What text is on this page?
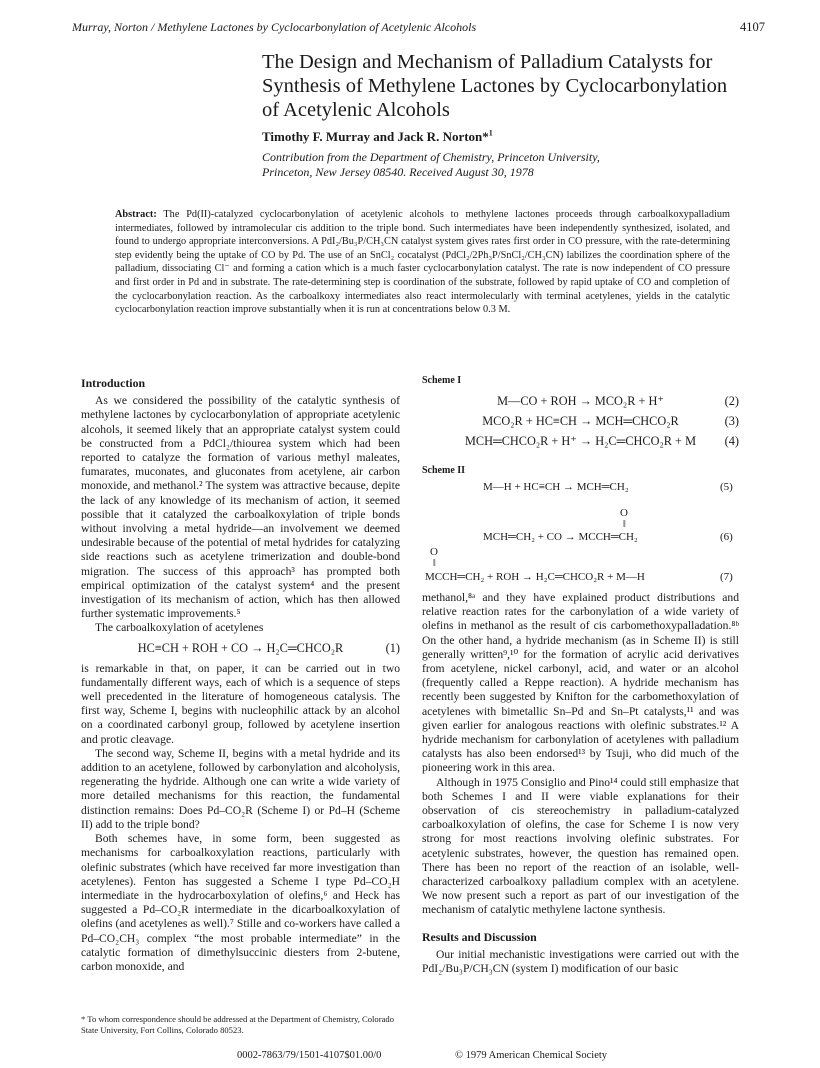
Murray, Norton / Methylene Lactones by Cyclocarbonylation of Acetylenic Alcohols	4107
The Design and Mechanism of Palladium Catalysts for Synthesis of Methylene Lactones by Cyclocarbonylation of Acetylenic Alcohols
Timothy F. Murray and Jack R. Norton*$^1$
Contribution from the Department of Chemistry, Princeton University,
Princeton, New Jersey 08540. Received August 30, 1978
Abstract: The Pd(II)-catalyzed cyclocarbonylation of acetylenic alcohols to methylene lactones proceeds through carboalkoxypalladium intermediates, followed by intramolecular cis addition to the triple bond. Such intermediates have been independently synthesized, isolated, and found to undergo appropriate interconversions. A PdI₂/Bu₃P/CH₃CN catalyst system gives rates first order in CO pressure, with the rate-determining step evidently being the uptake of CO by Pd. The use of an SnCl₂ cocatalyst (PdCl₂/2Ph₃P/SnCl₂/CH₃CN) labilizes the coordination sphere of the palladium, dissociating Cl⁻ and forming a cation which is a much faster cyclocarbonylation catalyst. The rate is now independent of CO pressure and first order in Pd and in substrate. The rate-determining step is coordination of the substrate, followed by rapid uptake of CO and completion of the cyclocarbonylation reaction. As the carboalkoxy intermediates also react intermolecularly with terminal acetylenes, yields in the catalytic cyclocarbonylation reaction improve substantially when it is run at concentrations below 0.3 M.
Introduction

As we considered the possibility of the catalytic synthesis of methylene lactones by cyclocarbonylation of appropriate acetylenic alcohols, it seemed likely that an appropriate catalyst system could be constructed from a PdCl₂/thiourea system which had been reported to catalyze the formation of various methyl maleates, fumarates, muconates, and gluconates from acetylene, air carbon monoxide, and methanol.² The system was attractive because, depite the lack of any knowledge of its mechanism of action, it seemed possible that it catalyzed the carboalkoxylation of triple bonds without involving a metal hydride—an involvement we deemed undesirable because of the potential of metal hydrides for catalyzing side reactions such as acetylene trimerization and double-bond migration. The success of this approach³ has prompted both empirical optimization of the catalyst system⁴ and the present investigation of its mechanism of action, which has then allowed further systematic improvements.⁵

The carboalkoxylation of acetylenes

HC≡CH + ROH + CO → H₂C═CHCO₂R	(1)

is remarkable in that, on paper, it can be carried out in two fundamentally different ways, each of which is a sequence of steps well precedented in the literature of homogeneous catalysis. The first way, Scheme I, begins with nucleophilic attack by an alcohol on a coordinated carbonyl group, followed by acetylene insertion and protic cleavage.

The second way, Scheme II, begins with a metal hydride and its addition to an acetylene, followed by carbonylation and alcoholysis, regenerating the hydride. Although one can write a wide variety of more detailed mechanisms for this reaction, the fundamental distinction remains: Does Pd–CO₂R (Scheme I) or Pd–H (Scheme II) add to the triple bond?

Both schemes have, in some form, been suggested as mechanisms for carboalkoxylation reactions, particularly with olefinic substrates (which have received far more investigation than acetylenes). Fenton has suggested a Scheme I type Pd–CO₂H intermediate in the hydrocarboxylation of olefins,⁶ and Heck has suggested a Pd–CO₂R intermediate in the dicarboalkoxylation of olefins (and acetylenes as well).⁷ Stille and co-workers have called a Pd–CO₂CH₃ complex “the most probable intermediate” in the catalytic formation of dimethylsuccinic diesters from 2-butene, carbon monoxide, and

* To whom correspondence should be addressed at the Department of Chemistry, Colorado State University, Fort Collins, Colorado 80523.
Scheme I
M—CO + ROH → MCO₂R + H⁺	(2)
MCO₂R + HC≡CH → MCH═CHCO₂R	(3)
MCH═CHCO₂R + H⁺ → H₂C═CHCO₂R + M (4)
Scheme II
M—H + HC≡CH → MCH═CH₂	(5)
O
‖
MCH═CH₂ + CO → MCCH═CH₂	(6)
O
‖
MCCH═CH₂ + ROH → H₂C═CHCO₂R + M—H	(7)

methanol,⁸ᵃ and they have explained product distributions and relative reaction rates for the carbonylation of a wide variety of olefins in methanol as the result of cis carbomethoxypalladation.⁸ᵇ On the other hand, a hydride mechanism (as in Scheme II) is still generally written⁹,¹⁰ for the formation of acrylic acid derivatives from acetylene, nickel carbonyl, acid, and water or an alcohol (frequently called a Reppe reaction). A hydride mechanism has recently been suggested by Knifton for the carbomethoxylation of acetylenes with bimetallic Sn–Pd and Sn–Pt catalysts,¹¹ and was given earlier for analogous reactions with olefinic substrates.¹² A hydride mechanism for carbonylation of acetylenes with palladium catalysts has also been endorsed¹³ by Tsuji, who did much of the pioneering work in this area.

Although in 1975 Consiglio and Pino¹⁴ could still emphasize that both Schemes I and II were viable explanations for their observation of cis stereochemistry in palladium-catalyzed carboalkoxylation of olefins, the case for Scheme I is now very strong for most reactions involving olefinic substrates. For acetylenic substrates, however, the question has remained open. There has been no report of the reaction of an isolable, well-characterized carboalkoxy palladium complex with an acetylene. We now present such a report as part of our investigation of the mechanism of catalytic methylene lactone synthesis.

Results and Discussion

Our initial mechanistic investigations were carried out with the PdI₂/Bu₃P/CH₃CN (system I) modification of our basic

0002-7863/79/1501-4107$01.00/0	© 1979 American Chemical Society
